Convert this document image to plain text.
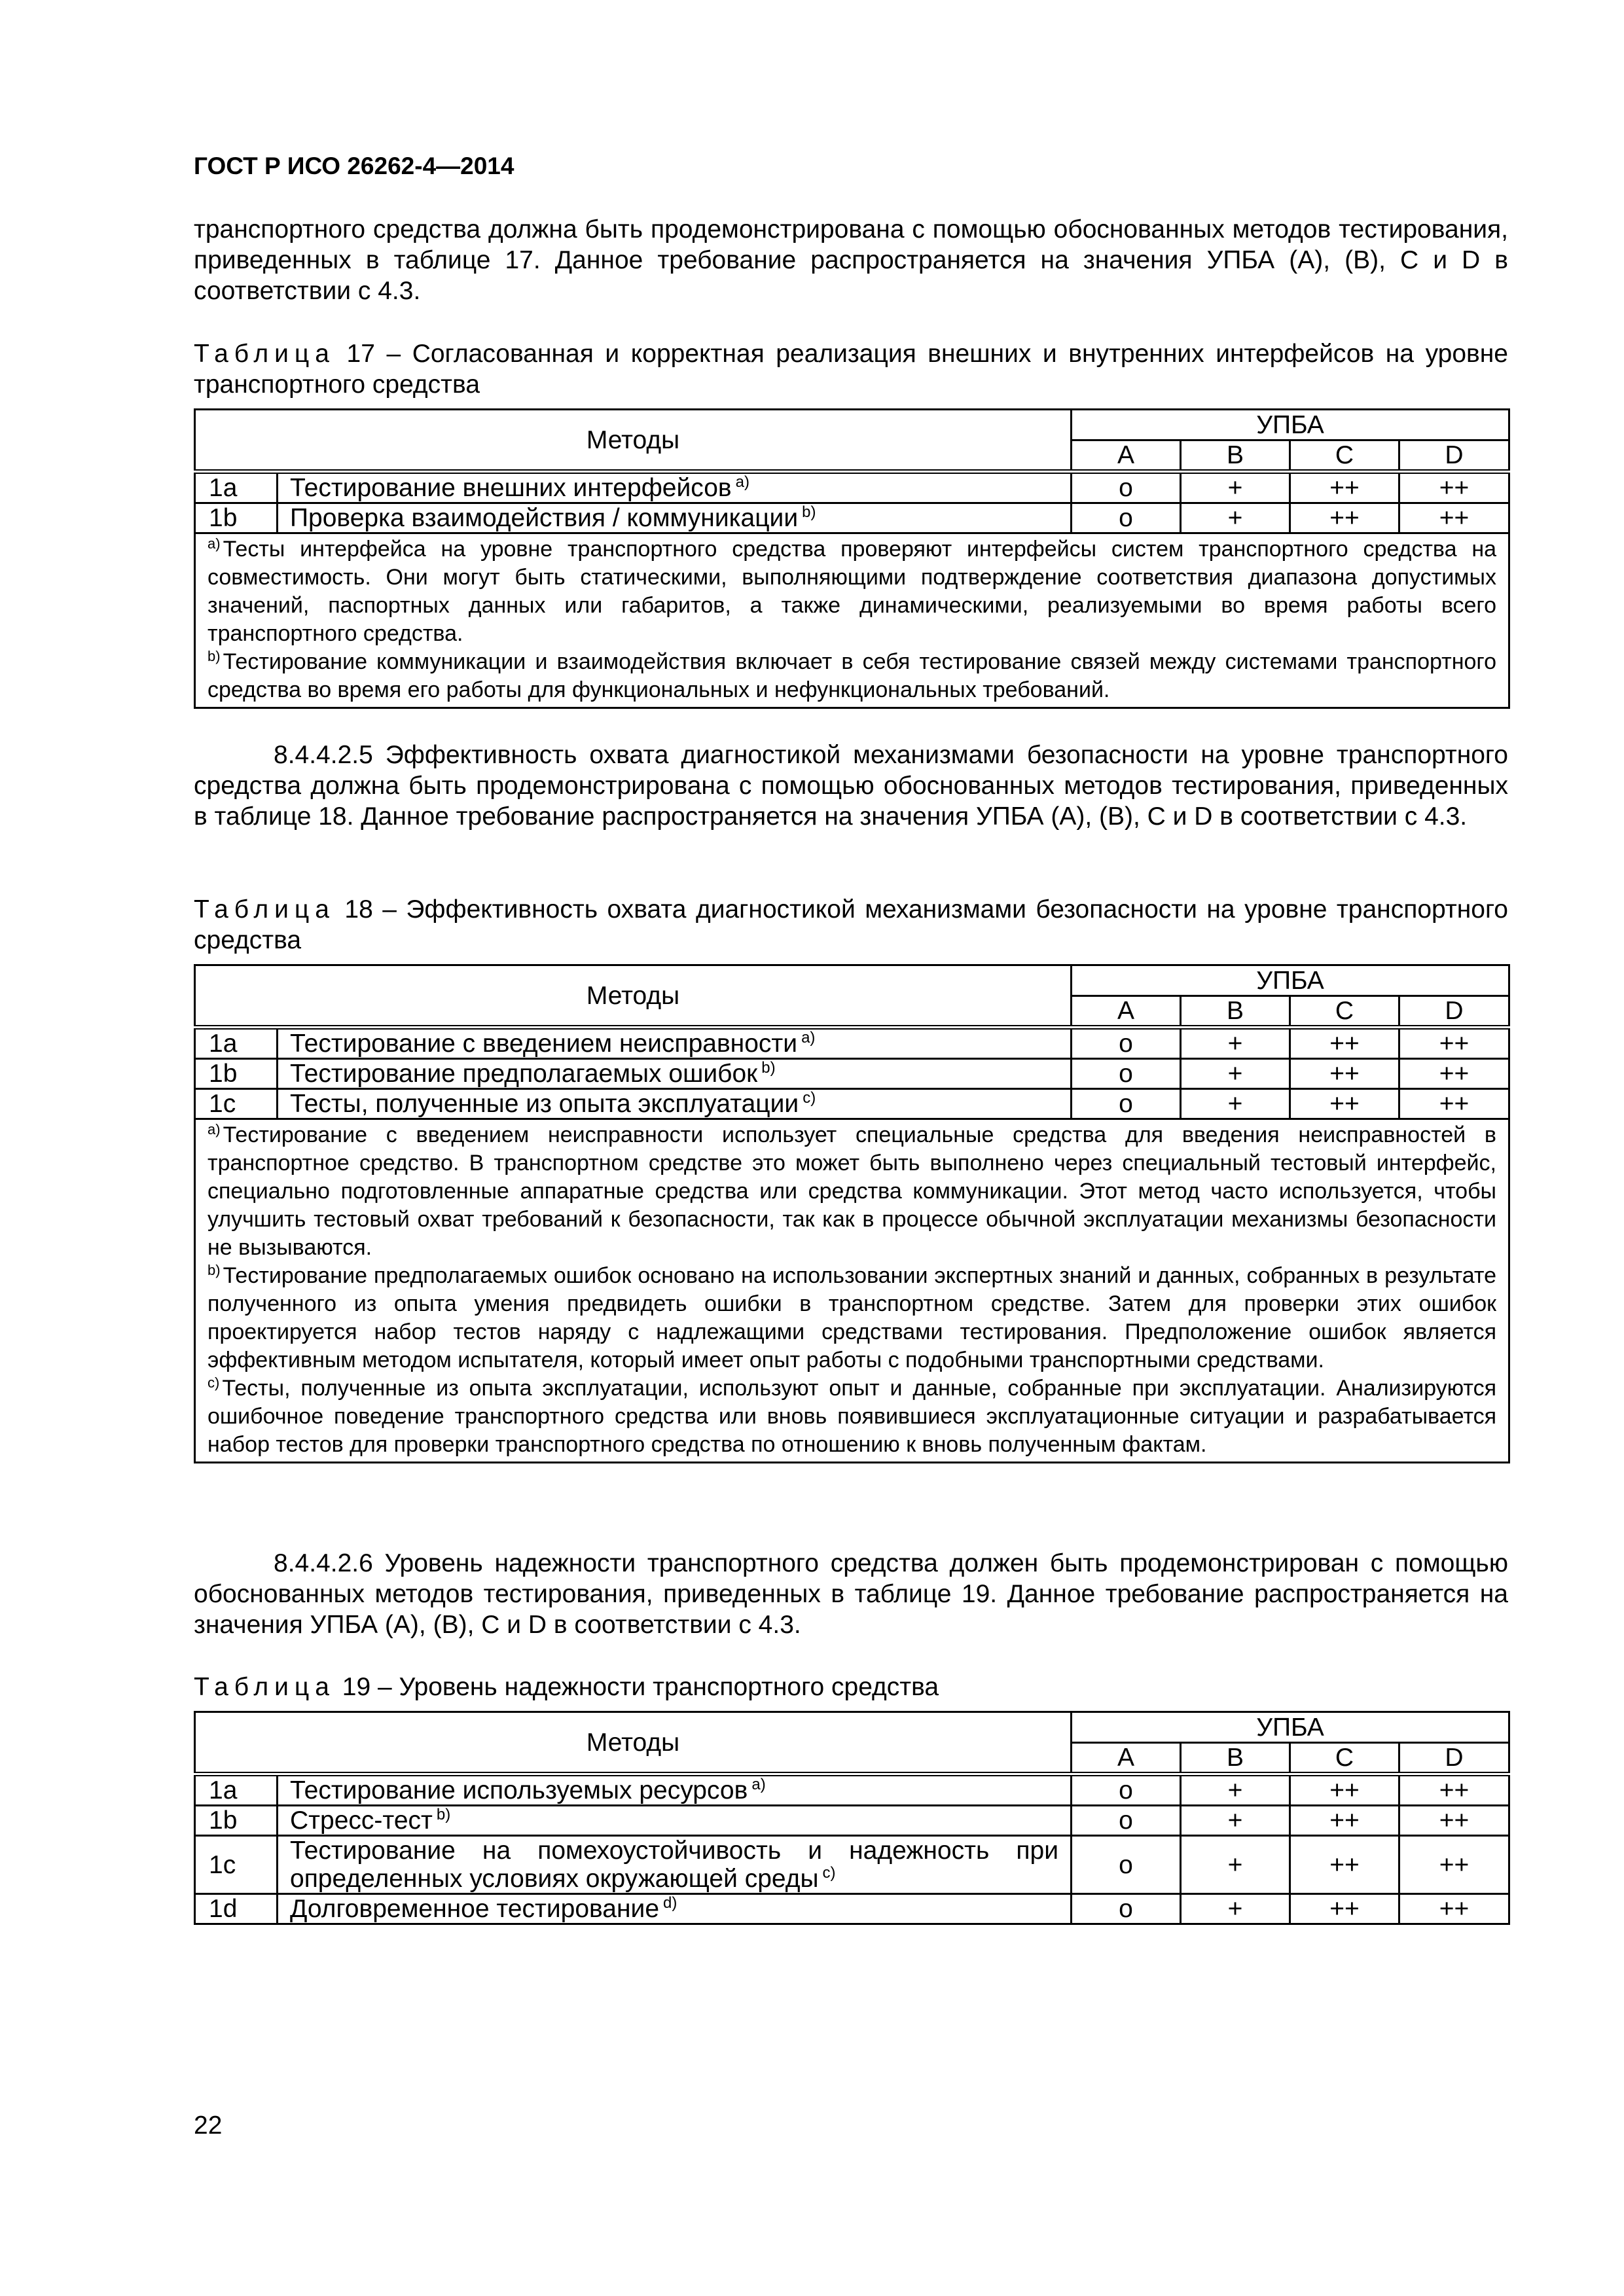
ГОСТ Р ИСО 26262-4—2014
транспортного средства должна быть продемонстрирована с помощью обоснованных методов тестирования, приведенных в таблице 17. Данное требование распространяется на значения УПБА (А), (В), С и D в соответствии с 4.3.
Таблица 17 – Согласованная и корректная реализация внешних и внутренних интерфейсов на уровне транспортного средства
Методы		УПБА			
		A	B	C	D
1a	Тестирование внешних интерфейсов $^{a)}$	о	+	++	++
1b	Проверка взаимодействия / коммуникации $^{b)}$	о	+	++	++

$^{a)}$ Тесты интерфейса на уровне транспортного средства проверяют интерфейсы систем транспортного средства на совместимость. Они могут быть статическими, выполняющими подтверждение соответствия диапазона допустимых значений, паспортных данных или габаритов, а также динамическими, реализуемыми во время работы всего транспортного средства.

$^{b)}$ Тестирование коммуникации и взаимодействия включает в себя тестирование связей между системами транспортного средства во время его работы для функциональных и нефункциональных требований.					

8.4.4.2.5 Эффективность охвата диагностикой механизмами безопасности на уровне транспортного средства должна быть продемонстрирована с помощью обоснованных методов тестирования, приведенных в таблице 18. Данное требование распространяется на значения УПБА (А), (В), С и D в соответствии с 4.3.
Таблица 18 – Эффективность охвата диагностикой механизмами безопасности на уровне транспортного средства
Методы		УПБА			
		A	B	C	D
1a	Тестирование с введением неисправности $^{a)}$	о	+	++	++
1b	Тестирование предполагаемых ошибок $^{b)}$	о	+	++	++
1c	Тесты, полученные из опыта эксплуатации $^{c)}$	о	+	++	++

$^{a)}$ Тестирование с введением неисправности использует специальные средства для введения неисправностей в транспортное средство. В транспортном средстве это может быть выполнено через специальный тестовый интерфейс, специально подготовленные аппаратные средства или средства коммуникации. Этот метод часто используется, чтобы улучшить тестовый охват требований к безопасности, так как в процессе обычной эксплуатации механизмы безопасности не вызываются.

$^{b)}$ Тестирование предполагаемых ошибок основано на использовании экспертных знаний и данных, собранных в результате полученного из опыта умения предвидеть ошибки в транспортном средстве. Затем для проверки этих ошибок проектируется набор тестов наряду с надлежащими средствами тестирования. Предположение ошибок является эффективным методом испытателя, который имеет опыт работы с подобными транспортными средствами.

$^{c)}$ Тесты, полученные из опыта эксплуатации, используют опыт и данные, собранные при эксплуатации. Анализируются ошибочное поведение транспортного средства или вновь появившиеся эксплуатационные ситуации и разрабатывается набор тестов для проверки транспортного средства по отношению к вновь полученным фактам.					

8.4.4.2.6 Уровень надежности транспортного средства должен быть продемонстрирован с помощью обоснованных методов тестирования, приведенных в таблице 19. Данное требование распространяется на значения УПБА (А), (В), С и D в соответствии с 4.3.
Таблица 19 – Уровень надежности транспортного средства
Методы		УПБА			
		A	B	C	D
1a	Тестирование используемых ресурсов $^{a)}$	о	+	++	++
1b	Стресс-тест $^{b)}$	о	+	++	++
1c	Тестирование на помехоустойчивость и надежность при определенных условиях окружающей среды $^{c)}$	о	+	++	++
1d	Долговременное тестирование $^{d)}$	о	+	++	++
22
